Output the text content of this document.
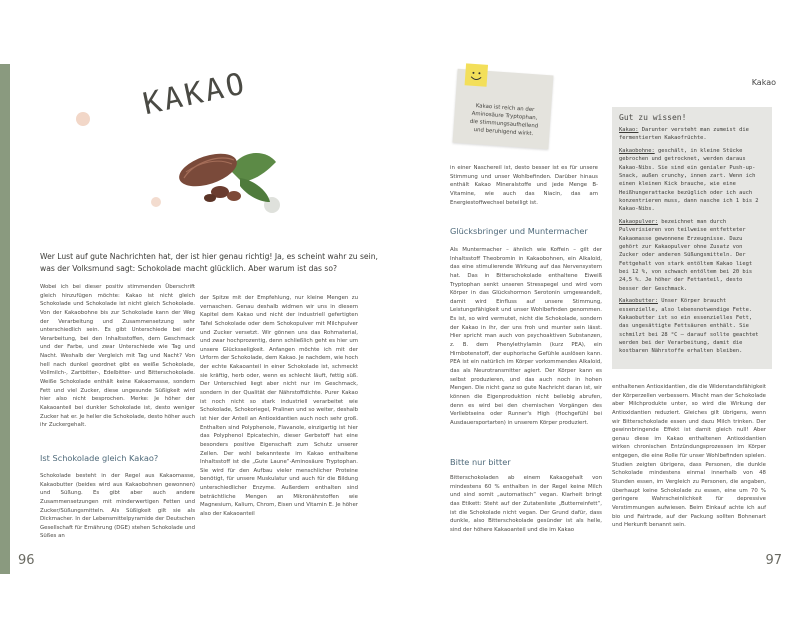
KAKAO
Wer Lust auf gute Nachrichten hat, der ist hier genau richtig! Ja, es scheint wahr zu sein, was der Volksmund sagt: Schokolade macht glücklich. Aber warum ist das so?

Wobei ich bei dieser positiv stimmenden Überschrift gleich hinzufügen möchte: Kakao ist nicht gleich Schokolade und Schokolade ist nicht gleich Schokolade. Von der Kakaobohne bis zur Schokolade kann der Weg der Verarbeitung und Zusammensetzung sehr unterschiedlich sein. Es gibt Unterschiede bei der Verarbeitung, bei den Inhaltsstoffen, dem Geschmack und der Farbe, und zwar Unterschiede wie Tag und Nacht. Weshalb der Vergleich mit Tag und Nacht? Von hell nach dunkel geordnet gibt es weiße Schokolade, Vollmilch-, Zartbitter-, Edelbitter- und Bitterschokolade. Weiße Schokolade enthält keine Kakaomasse, sondern Fett und viel Zucker, diese ungesunde Süßigkeit wird hier also nicht besprochen. Merke: Je höher der Kakaoanteil bei dunkler Schokolade ist, desto weniger Zucker hat er. Je heller die Schokolade, desto höher auch ihr Zuckergehalt.

der Spitze mit der Empfehlung, nur kleine Mengen zu vernaschen. Genau deshalb widmen wir uns in diesem Kapitel dem Kakao und nicht der industriell gefertigten Tafel Schokolade oder dem Schokopulver mit Milchpulver und Zucker versetzt. Wir gönnen uns das Rohmaterial, und zwar hochprozentig, denn schließlich geht es hier um unsere Glücksseligkeit. Anfangen möchte ich mit der Urform der Schokolade, dem Kakao. Je nachdem, wie hoch der echte Kakaoanteil in einer Schokolade ist, schmeckt sie kräftig, herb oder, wenn es schlecht läuft, fettig süß. Der Unterschied liegt aber nicht nur im Geschmack, sondern in der Qualität der Nährstoffdichte. Purer Kakao ist noch nicht so stark industriell verarbeitet wie Schokolade, Schokoriegel, Pralinen und so weiter, deshalb ist hier der Anteil an Antioxidantien auch noch sehr groß. Enthalten sind Polyphenole, Flavanole, einzigartig ist hier das Polyphenol Epicatechin, dieser Gerbstoff hat eine besonders positive Eigenschaft zum Schutz unserer Zellen. Der wohl bekannteste im Kakao enthaltene Inhaltsstoff ist die „Gute Laune“-Aminosäure Tryptophan. Sie wird für den Aufbau vieler menschlicher Proteine benötigt, für unsere Muskulatur und auch für die Bildung unterschiedlicher Enzyme. Außerdem enthalten sind beträchtliche Mengen an Mikronährstoffen wie Magnesium, Kalium, Chrom, Eisen und Vitamin E. Je höher also der Kakaoanteil

Ist Schokolade gleich Kakao?

Schokolade besteht in der Regel aus Kakaomasse, Kakaobutter (beides wird aus Kakaobohnen gewonnen) und Süßung. Es gibt aber auch andere Zusammensetzungen mit minderwertigen Fetten und Zucker/Süßungsmitteln. Als Süßigkeit gilt sie als Dickmacher. In der Lebensmittelpyramide der Deutschen Gesellschaft für Ernährung (DGE) stehen Schokolade und Süßes an

96
Kakao
Kakao ist reich an der Aminosäure Tryptophan, die stimmungsaufhellend und beruhigend wirkt.

in einer Naschereil ist, desto besser ist es für unsere Stimmung und unser Wohlbefinden. Darüber hinaus enthält Kakao Mineralstoffe und jede Menge B-Vitamine, wie auch das Niacin, das am Energiestoffwechsel beteiligt ist.

Glücksbringer und Muntermacher

Als Muntermacher – ähnlich wie Koffein – gilt der Inhaltsstoff Theobromin in Kakaobohnen, ein Alkaloid, das eine stimulierende Wirkung auf das Nervensystem hat. Das in Bitterschokolade enthaltene Eiweiß Tryptophan senkt unseren Stresspegel und wird vom Körper in das Glückshormon Serotonin umgewandelt, damit wird Einfluss auf unsere Stimmung, Leistungsfähigkeit und unser Wohlbefinden genommen. Es ist, so wird vermutet, nicht die Schokolade, sondern der Kakao in ihr, der uns froh und munter sein lässt. Hier spricht man auch von psychoaktiven Substanzen, z. B. dem Phenylethylamin (kurz PEA), ein Hirnbotenstoff, der euphorische Gefühle auslösen kann. PEA ist ein natürlich im Körper vorkommendes Alkaloid, das als Neurotransmitter agiert. Der Körper kann es selbst produzieren, und das auch noch in hohen Mengen. Die nicht ganz so gute Nachricht daran ist, wir können die Eigenproduktion nicht beliebig abrufen, denn es wird bei den chemischen Vorgängen des Verliebtseins oder Runner's High (Hochgefühl bei Ausdauersportarten) in unserem Körper produziert.

Bitte nur bitter

Bitterschokoladen ab einem Kakaogehalt von mindestens 60 % enthalten in der Regel keine Milch und sind somit „automatisch“ vegan. Klarheit bringt das Etikett: Steht auf der Zutatenliste „Butterreinfett“, ist die Schokolade nicht vegan. Der Grund dafür, dass dunkle, also Bitterschokolade gesünder ist als helle, sind der höhere Kakaoanteil und die im Kakao

Gut zu wissen!

Kakao: Darunter versteht man zumeist die fermentierten Kakaofrüchte.

Kakaobohne: geschält, in kleine Stücke gebrochen und getrocknet, werden daraus Kakao-Nibs. Sie sind ein genialer Push-up-Snack, außen crunchy, innen zart. Wenn ich einen kleinen Kick brauche, wie eine Heißhungerattacke bezüglich oder ich auch konzentrieren muss, dann nasche ich 1 bis 2 Kakao-Nibs.

Kakaopulver: bezeichnet man durch Pulverisieren von teilweise entfetteter Kakaomasse gewonnene Erzeugnisse. Dazu gehört zur Kakaopulver ohne Zusatz von Zucker oder anderen Süßungsmitteln. Der Fettgehalt von stark entöltem Kakao liegt bei 12 %, von schwach entöltem bei 20 bis 24,5 %. Je höher der Fettanteil, desto besser der Geschmack.

Kakaobutter: Unser Körper braucht essenzielle, also lebensnotwendige Fette. Kakaobutter ist so ein essenzielles Fett, das ungesättigte Fettsäuren enthält. Sie schmilzt bei 28 °C – darauf sollte geachtet werden bei der Verarbeitung, damit die kostbaren Nährstoffe erhalten bleiben.

enthaltenen Antioxidantien, die die Widerstandsfähigkeit der Körperzellen verbessern. Mischt man der Schokolade aber Milchprodukte unter, so wird die Wirkung der Antioxidantien reduziert. Gleiches gilt übrigens, wenn wir Bitterschokolade essen und dazu Milch trinken. Der gewinnbringende Effekt ist damit gleich null! Aber genau diese im Kakao enthaltenen Antioxidantien wirken chronischen Entzündungsprozessen im Körper entgegen, die eine Rolle für unser Wohlbefinden spielen. Studien zeigten übrigens, dass Personen, die dunkle Schokolade mindestens einmal innerhalb von 48 Stunden essen, im Vergleich zu Personen, die angaben, überhaupt keine Schokolade zu essen, eine um 70 % geringere Wahrscheinlichkeit für depressive Verstimmungen aufwiesen. Beim Einkauf achte ich auf bio und Fairtrade, auf der Packung sollten Bohnenart und Herkunft benannt sein.

97
